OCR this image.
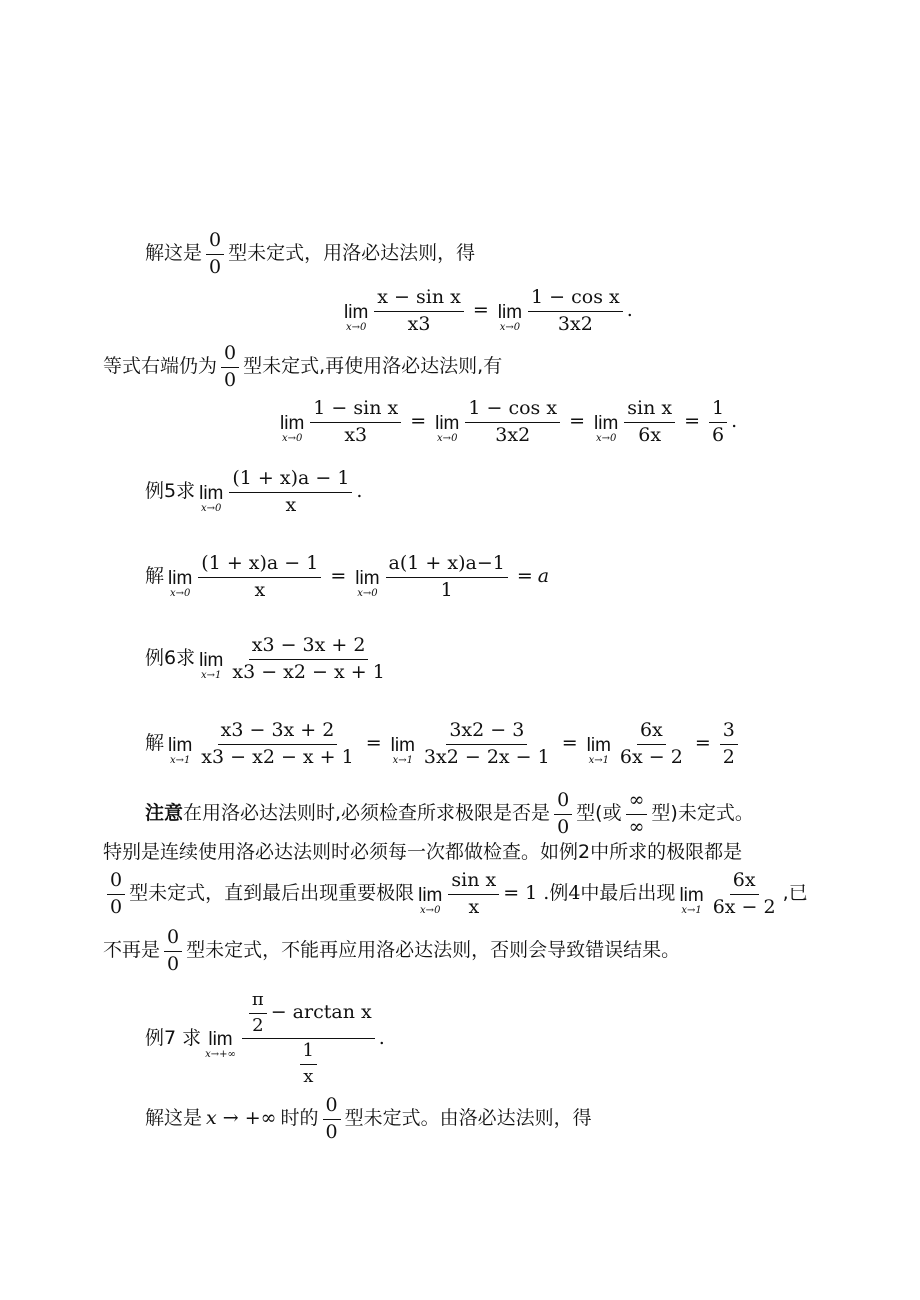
解这是 $\frac{0}{0}$ 型未定式，用洛必达法则，得
lim
$x\to 0 \frac{\text{x − sin x}}{x3} = \lim$
$x\to 0 \frac{\text{1 − cos x}}{3x2}$ .
等式右端仍为 $\frac{0}{0}$ 型未定式,再使用洛必达法则,有
lim
$x\to 0 \frac{\text{1 − sin x}}{x3} = \lim$
$x\to 0 \frac{\text{1 − cos x}}{3x2} = \lim$
$x\to 0 \frac{\text{sin x}}{6x} = \frac{1}{6}$ .
例5求 lim
$x\to 0 \frac{(1 + x)a - 1}{x}$ .
解 lim
$x\to 0 \frac{(1 + x)a - 1}{x} = \lim$
$x\to 0 \frac{a(1 + x)a-1}{1} = a$
例6求 lim
$x\to 1 \frac{x3 - 3x + 2}{x3 - x2 - x + 1}$
解 lim
$x\to 1 \frac{x3 - 3x + 2}{x3 - x2 - x + 1} = \lim$
$x\to 1 \frac{3x2 - 3}{3x2 - 2x - 1} = \lim$
$x\to 1 \frac{6x}{6x - 2} = \frac{3}{2}$
注意 在用洛必达法则时,必须检查所求极限是否是 $\frac{0}{0}$ 型(或 $\frac{\infty}{\infty}$ 型)未定式。
特别是连续使用洛必达法则时必须每一次都做检查。如例2中所求的极限都是
$\frac{0}{0}$ 型未定式，直到最后出现重要极限 lim
$x\to 0 \frac{\text{sin x}}{x} = 1$ .例4中最后出现 lim
$x\to 1 \frac{6x}{6x - 2}$ ,已
不再是 $\frac{0}{0}$ 型未定式，不能再应用洛必达法则，否则会导致错误结果。
例7 求 lim
$x\to+\infty \frac{\frac{\pi}{2} - \arctan x}{\frac{1}{x}}$ .
解这是 x → +∞ 时的 $\frac{0}{0}$ 型未定式。由洛必达法则，得
